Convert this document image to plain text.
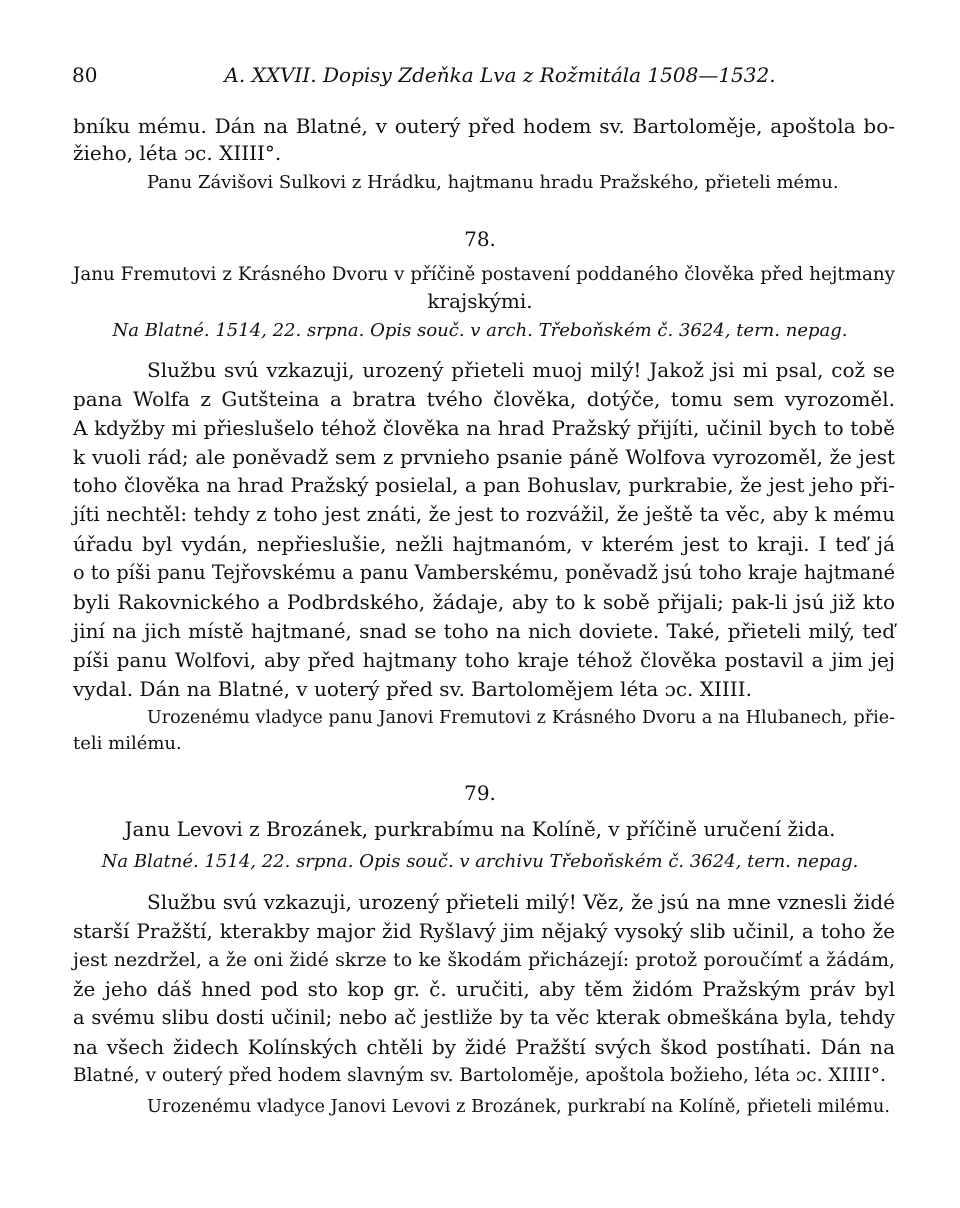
80	A. XXVII. Dopisy Zdeňka Lva z Rožmitála 1508—1532.
bníku mému. Dán na Blatné, v outerý před hodem sv. Bartoloměje, apoštola bo-
žieho, léta ɔc. XIIII°.
Panu Závišovi Sulkovi z Hrádku, hajtmanu hradu Pražského, přieteli mému.
78.
Janu Fremutovi z Krásného Dvoru v příčině postavení poddaného člověka před hejtmany
krajskými.
Na Blatné. 1514, 22. srpna. Opis souč. v arch. Třeboňském č. 3624, tern. nepag.
Službu svú vzkazuji, urozený přieteli muoj milý! Jakož jsi mi psal, což se
pana Wolfa z Gutšteina a bratra tvého člověka, dotýče, tomu sem vyrozoměl.
A kdyžby mi přieslušelo téhož člověka na hrad Pražský přijíti, učinil bych to tobě
k vuoli rád; ale poněvadž sem z prvnieho psanie páně Wolfova vyrozoměl, že jest
toho člověka na hrad Pražský posielal, a pan Bohuslav, purkrabie, že jest jeho při-
jíti nechtěl: tehdy z toho jest znáti, že jest to rozvážil, že ještě ta věc, aby k mému
úřadu byl vydán, nepřieslušie, nežli hajtmanóm, v kterém jest to kraji. I teď já
o to píši panu Tejřovskému a panu Vamberskému, poněvadž jsú toho kraje hajtmané
byli Rakovnického a Podbrdského, žádaje, aby to k sobě přijali; pak-li jsú již kto
jiní na jich místě hajtmané, snad se toho na nich doviete. Také, přieteli milý, teď
píši panu Wolfovi, aby před hajtmany toho kraje téhož člověka postavil a jim jej
vydal. Dán na Blatné, v uoterý před sv. Bartolomějem léta ɔc. XIIII.
Urozenému vladyce panu Janovi Fremutovi z Krásného Dvoru a na Hlubanech, přie-
teli milému.
79.
Janu Levovi z Brozánek, purkrabímu na Kolíně, v příčině uručení žida.
Na Blatné. 1514, 22. srpna. Opis souč. v archivu Třeboňském č. 3624, tern. nepag.
Službu svú vzkazuji, urozený přieteli milý! Věz, že jsú na mne vznesli židé
starší Pražští, kterakby major žid Ryšlavý jim nějaký vysoký slib učinil, a toho že
jest nezdržel, a že oni židé skrze to ke škodám přicházejí: protož poroučímť a žádám,
že jeho dáš hned pod sto kop gr. č. uručiti, aby těm židóm Pražským práv byl
a svému slibu dosti učinil; nebo ač jestliže by ta věc kterak obmeškána byla, tehdy
na všech židech Kolínských chtěli by židé Pražští svých škod postíhati. Dán na
Blatné, v outerý před hodem slavným sv. Bartoloměje, apoštola božieho, léta ɔc. XIIII°.
Urozenému vladyce Janovi Levovi z Brozánek, purkrabí na Kolíně, přieteli milému.
